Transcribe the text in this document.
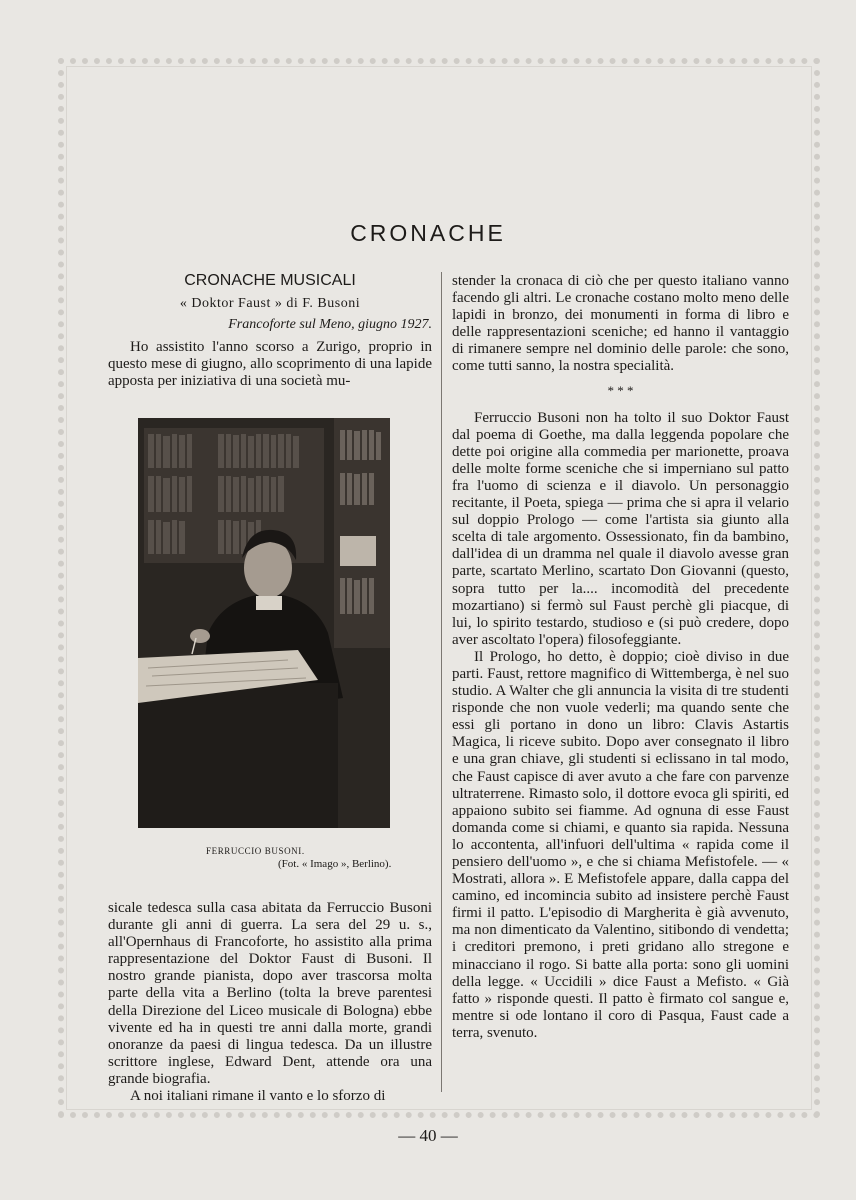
CRONACHE

CRONACHE MUSICALI

« Doktor Faust » di F. Busoni

Francoforte sul Meno, giugno 1927.

Ho assistito l'anno scorso a Zurigo, proprio in questo mese di giugno, allo scoprimento di una lapide apposta per iniziativa di una società mu-

FERRUCCIO BUSONI.
(Fot. « Imago », Berlino).

sicale tedesca sulla casa abitata da Ferruccio Busoni durante gli anni di guerra. La sera del 29 u. s., all'Opernhaus di Francoforte, ho assistito alla prima rappresentazione del Doktor Faust di Busoni. Il nostro grande pianista, dopo aver trascorsa molta parte della vita a Berlino (tolta la breve parentesi della Direzione del Liceo musicale di Bologna) ebbe vivente ed ha in questi tre anni dalla morte, grandi onoranze da paesi di lingua tedesca. Da un illustre scrittore inglese, Edward Dent, attende ora una grande biografia.

A noi italiani rimane il vanto e lo sforzo di

stender la cronaca di ciò che per questo italiano vanno facendo gli altri. Le cronache costano molto meno delle lapidi in bronzo, dei monumenti in forma di libro e delle rappresentazioni sceniche; ed hanno il vantaggio di rimanere sempre nel dominio delle parole: che sono, come tutti sanno, la nostra specialità.

* * *

Ferruccio Busoni non ha tolto il suo Doktor Faust dal poema di Goethe, ma dalla leggenda popolare che dette poi origine alla commedia per marionette, proava delle molte forme sceniche che si imperniano sul patto fra l'uomo di scienza e il diavolo. Un personaggio recitante, il Poeta, spiega — prima che si apra il velario sul doppio Prologo — come l'artista sia giunto alla scelta di tale argomento. Ossessionato, fin da bambino, dall'idea di un dramma nel quale il diavolo avesse gran parte, scartato Merlino, scartato Don Giovanni (questo, sopra tutto per la.... incomodità del precedente mozartiano) si fermò sul Faust perchè gli piacque, di lui, lo spirito testardo, studioso e (si può credere, dopo aver ascoltato l'opera) filosofeggiante.

Il Prologo, ho detto, è doppio; cioè diviso in due parti. Faust, rettore magnifico di Wittemberga, è nel suo studio. A Walter che gli annuncia la visita di tre studenti risponde che non vuole vederli; ma quando sente che essi gli portano in dono un libro: Clavis Astartis Magica, li riceve subito. Dopo aver consegnato il libro e una gran chiave, gli studenti si eclissano in tal modo, che Faust capisce di aver avuto a che fare con parvenze ultraterrene. Rimasto solo, il dottore evoca gli spiriti, ed appaiono subito sei fiamme. Ad ognuna di esse Faust domanda come si chiami, e quanto sia rapida. Nessuna lo accontenta, all'infuori dell'ultima « rapida come il pensiero dell'uomo », e che si chiama Mefistofele. — « Mostrati, allora ». E Mefistofele appare, dalla cappa del camino, ed incomincia subito ad insistere perchè Faust firmi il patto. L'episodio di Margherita è già avvenuto, ma non dimenticato da Valentino, sitibondo di vendetta; i creditori premono, i preti gridano allo stregone e minacciano il rogo. Si batte alla porta: sono gli uomini della legge. « Uccidili » dice Faust a Mefisto. « Già fatto » risponde questi. Il patto è firmato col sangue e, mentre si ode lontano il coro di Pasqua, Faust cade a terra, svenuto.

— 40 —
